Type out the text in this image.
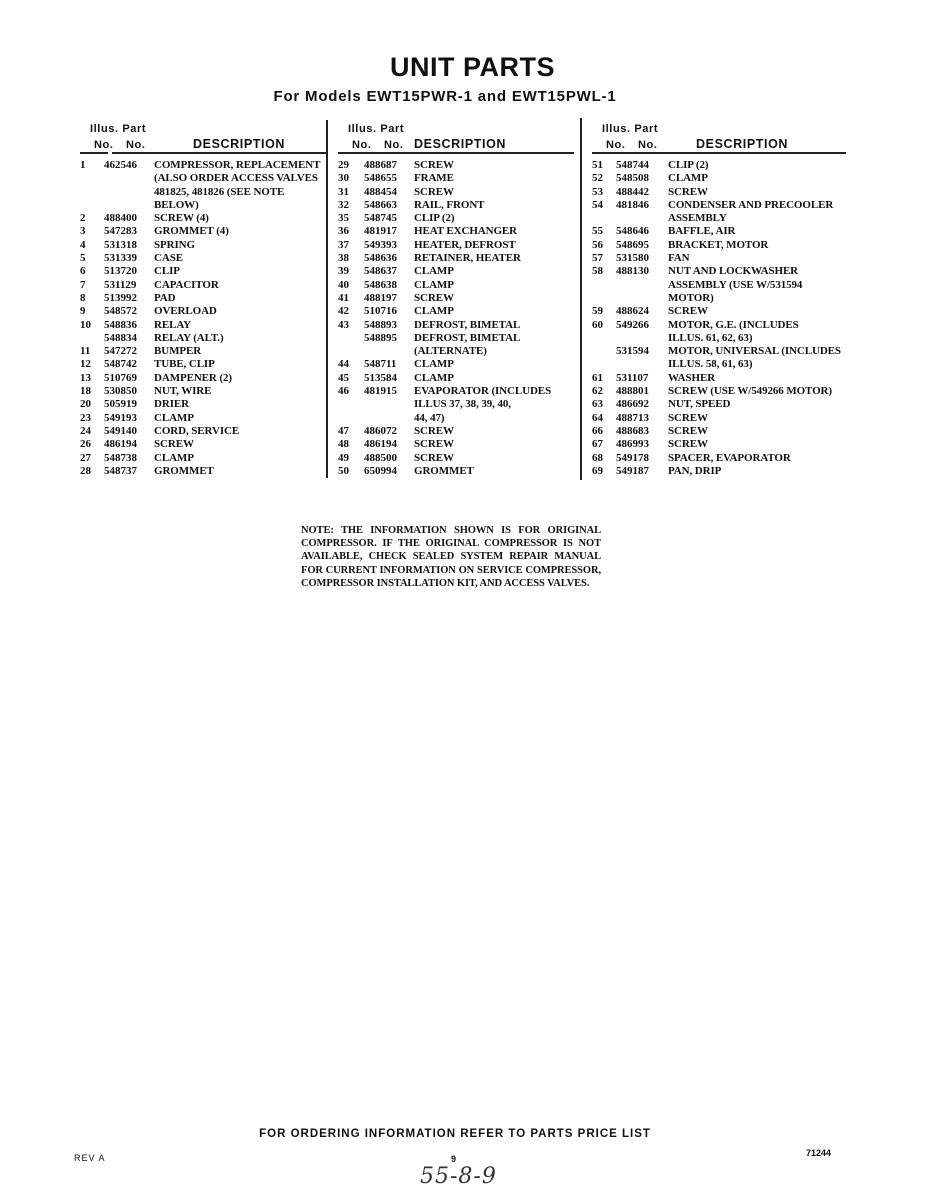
UNIT PARTS
For Models EWT15PWR-1 and EWT15PWL-1
Illus. Part
No. No.	DESCRIPTION
1	462546	COMPRESSOR, REPLACEMENT
(ALSO ORDER ACCESS VALVES
481825, 481826 (SEE NOTE
BELOW)
2	488400	SCREW (4)
3	547283	GROMMET (4)
4	531318	SPRING
5	531339	CASE
6	513720	CLIP
7	531129	CAPACITOR
8	513992	PAD
9	548572	OVERLOAD
10	548836	RELAY
548834	RELAY (ALT.)
11	547272	BUMPER
12	548742	TUBE, CLIP
13	510769	DAMPENER (2)
18	530850	NUT, WIRE
20	505919	DRIER
23	549193	CLAMP
24	549140	CORD, SERVICE
26	486194	SCREW
27	548738	CLAMP
28	548737	GROMMET
Illus. Part
No. No. DESCRIPTION
29	488687	SCREW
30	548655	FRAME
31	488454	SCREW
32	548663	RAIL, FRONT
35	548745	CLIP (2)
36	481917	HEAT EXCHANGER
37	549393	HEATER, DEFROST
38	548636	RETAINER, HEATER
39	548637	CLAMP
40	548638	CLAMP
41	488197	SCREW
42	510716	CLAMP
43	548893	DEFROST, BIMETAL
548895	DEFROST, BIMETAL
(ALTERNATE)
44	548711	CLAMP
45	513584	CLAMP
46	481915	EVAPORATOR (INCLUDES
ILLUS 37, 38, 39, 40,
44, 47)
47	486072	SCREW
48	486194	SCREW
49	488500	SCREW
50	650994	GROMMET
Illus. Part
No. No.	DESCRIPTION
51	548744	CLIP (2)
52	548508	CLAMP
53	488442	SCREW
54	481846	CONDENSER AND PRECOOLER
ASSEMBLY
55	548646	BAFFLE, AIR
56	548695	BRACKET, MOTOR
57	531580	FAN
58	488130	NUT AND LOCKWASHER
ASSEMBLY (USE W/531594
MOTOR)
59	488624	SCREW
60	549266	MOTOR, G.E. (INCLUDES
ILLUS. 61, 62, 63)
531594	MOTOR, UNIVERSAL (INCLUDES
ILLUS. 58, 61, 63)
61	531107	WASHER
62	488801	SCREW (USE W/549266 MOTOR)
63	486692	NUT, SPEED
64	488713	SCREW
66	488683	SCREW
67	486993	SCREW
68	549178	SPACER, EVAPORATOR
69	549187	PAN, DRIP
NOTE: THE INFORMATION SHOWN IS FOR ORIGINAL COMPRESSOR. IF THE ORIGINAL COMPRESSOR IS NOT AVAILABLE, CHECK SEALED SYSTEM REPAIR MANUAL FOR CURRENT INFORMATION ON SERVICE COMPRESSOR, COMPRESSOR INSTALLATION KIT, AND ACCESS VALVES.
FOR ORDERING INFORMATION REFER TO PARTS PRICE LIST
REV A	9
71244
55-8-9
